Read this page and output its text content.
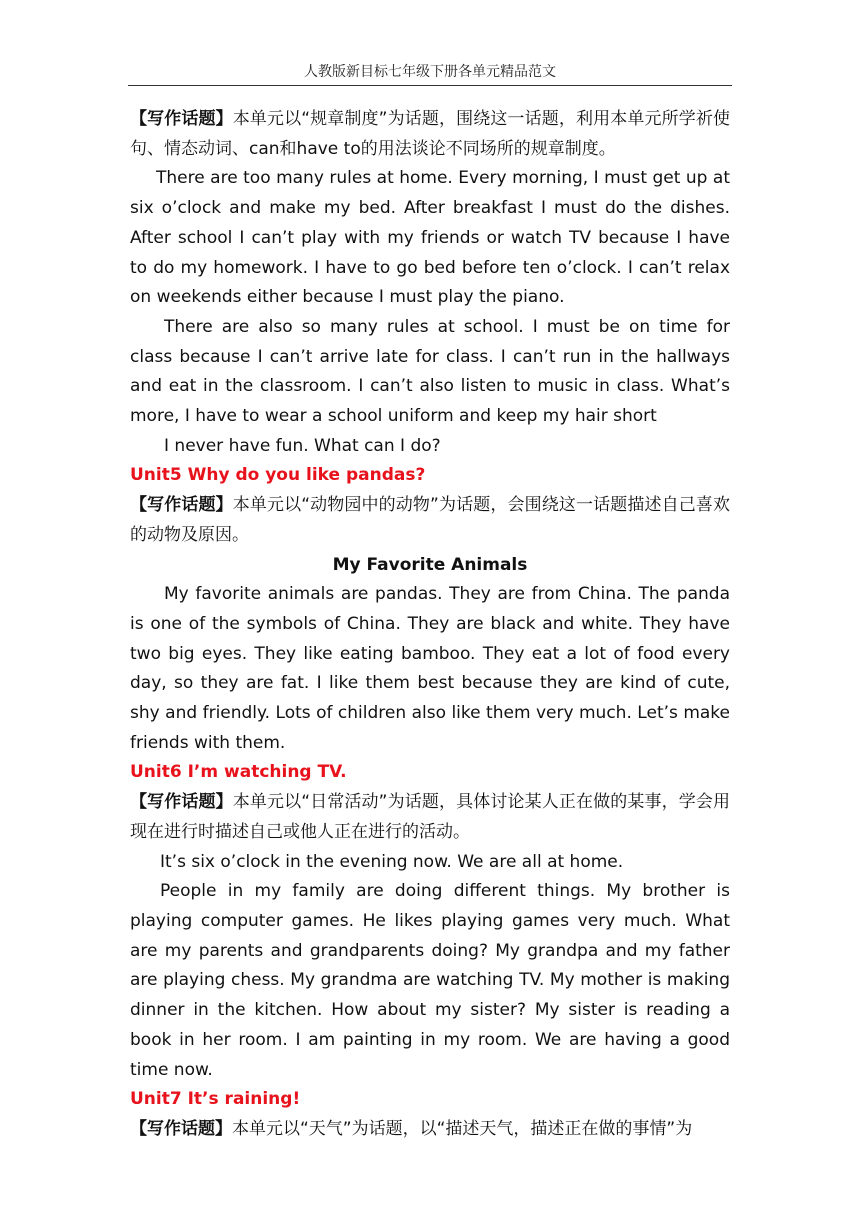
人教版新目标七年级下册各单元精品范文

【写作话题】本单元以“规章制度”为话题，围绕这一话题，利用本单元所学祈使句、情态动词、can和have to的用法谈论不同场所的规章制度。

There are too many rules at home. Every morning, I must get up at six o’clock and make my bed. After breakfast I must do the dishes. After school I can’t play with my friends or watch TV because I have to do my homework. I have to go bed before ten o’clock. I can’t relax on weekends either because I must play the piano.

There are also so many rules at school. I must be on time for class because I can’t arrive late for class. I can’t run in the hallways and eat in the classroom. I can’t also listen to music in class. What’s more, I have to wear a school uniform and keep my hair short

I never have fun. What can I do?

Unit5 Why do you like pandas?

【写作话题】本单元以“动物园中的动物”为话题，会围绕这一话题描述自己喜欢的动物及原因。

My Favorite Animals

My favorite animals are pandas. They are from China. The panda is one of the symbols of China. They are black and white. They have two big eyes. They like eating bamboo. They eat a lot of food every day, so they are fat. I like them best because they are kind of cute, shy and friendly. Lots of children also like them very much. Let’s make friends with them.

Unit6 I’m watching TV.

【写作话题】本单元以“日常活动”为话题，具体讨论某人正在做的某事，学会用现在进行时描述自己或他人正在进行的活动。

It’s six o’clock in the evening now. We are all at home.

People in my family are doing different things. My brother is playing computer games. He likes playing games very much. What are my parents and grandparents doing? My grandpa and my father are playing chess. My grandma are watching TV. My mother is making dinner in the kitchen. How about my sister? My sister is reading a book in her room. I am painting in my room. We are having a good time now.

Unit7 It’s raining!

【写作话题】本单元以“天气”为话题，以“描述天气，描述正在做的事情”为
